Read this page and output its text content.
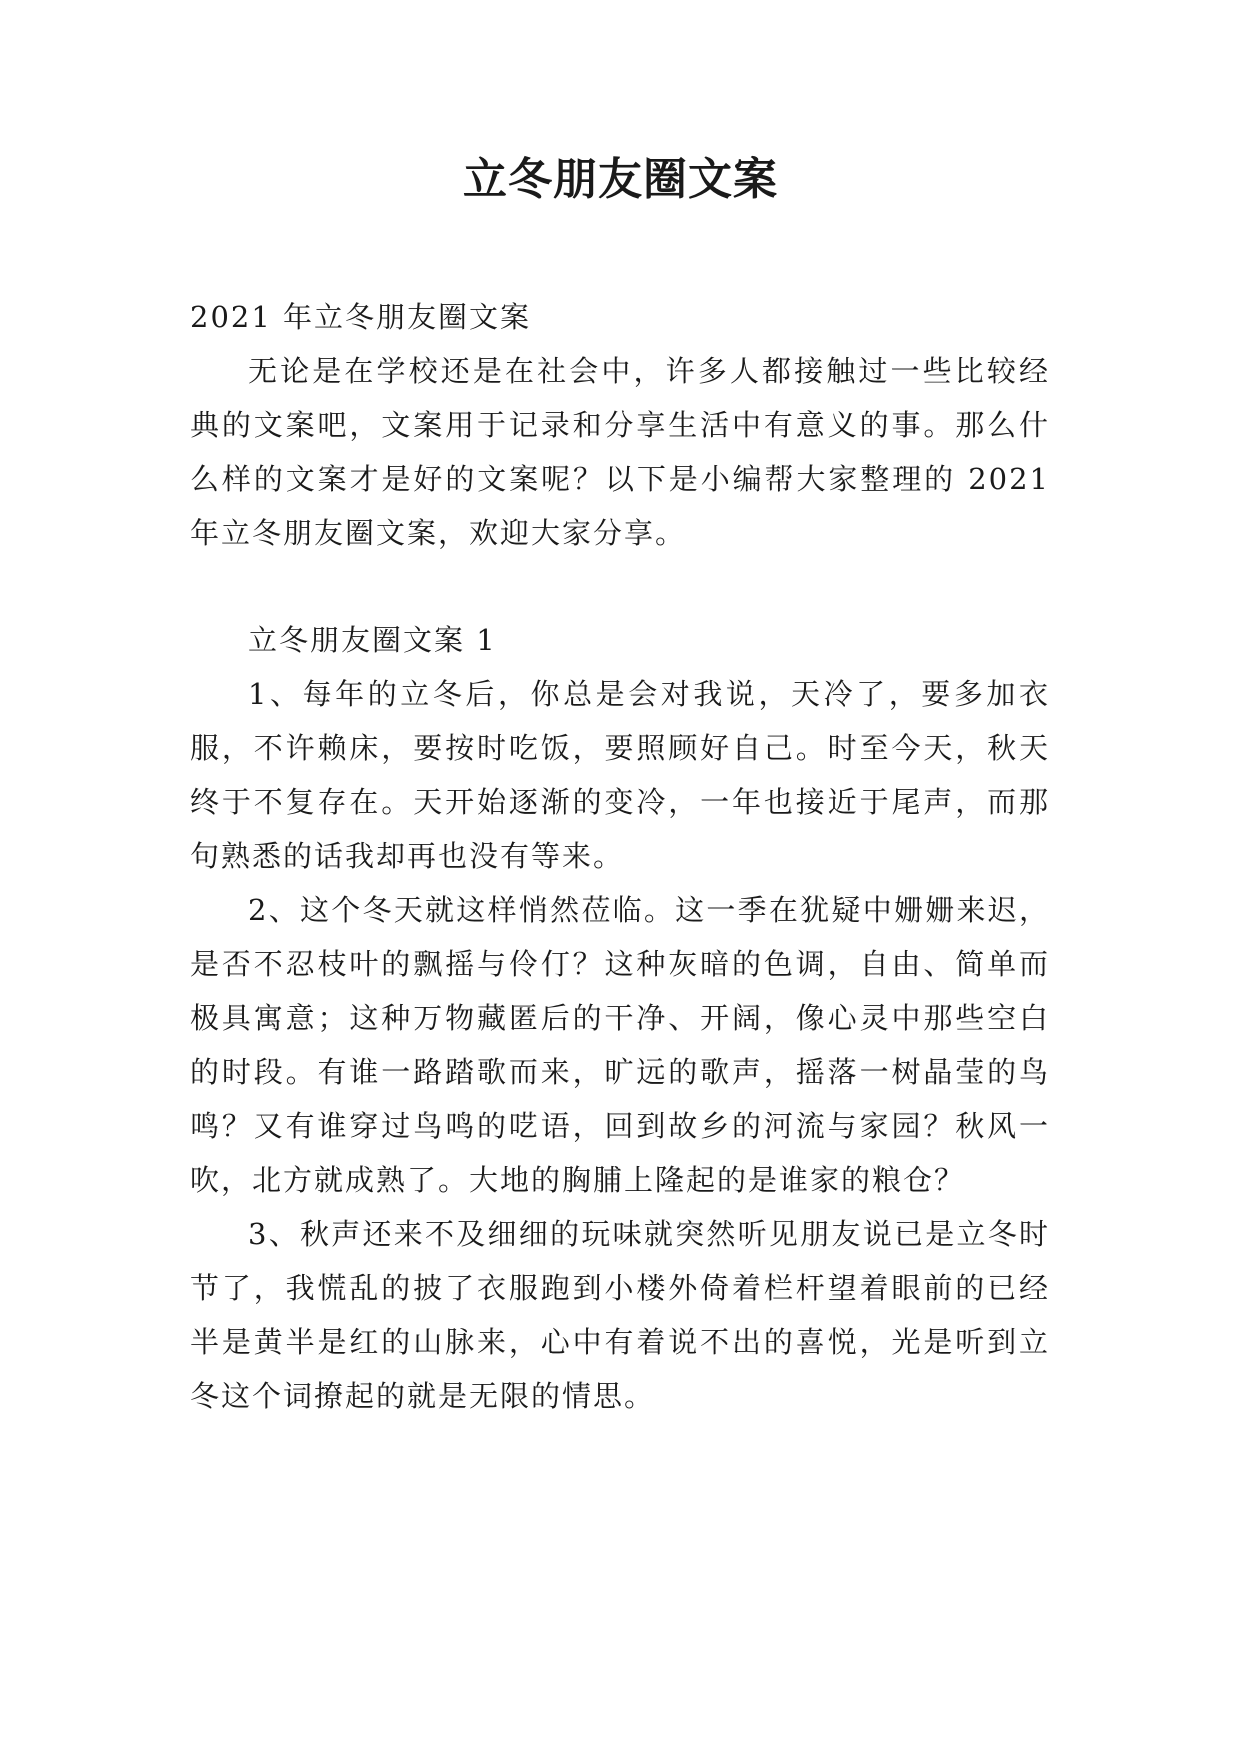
立冬朋友圈文案

2021 年立冬朋友圈文案

无论是在学校还是在社会中，许多人都接触过一些比较经典的文案吧，文案用于记录和分享生活中有意义的事。那么什么样的文案才是好的文案呢？以下是小编帮大家整理的 2021 年立冬朋友圈文案，欢迎大家分享。

立冬朋友圈文案 1

1、每年的立冬后，你总是会对我说，天冷了，要多加衣服，不许赖床，要按时吃饭，要照顾好自己。时至今天，秋天终于不复存在。天开始逐渐的变冷，一年也接近于尾声，而那句熟悉的话我却再也没有等来。

2、这个冬天就这样悄然莅临。这一季在犹疑中姗姗来迟，是否不忍枝叶的飘摇与伶仃？这种灰暗的色调，自由、简单而极具寓意；这种万物藏匿后的干净、开阔，像心灵中那些空白的时段。有谁一路踏歌而来，旷远的歌声，摇落一树晶莹的鸟鸣？又有谁穿过鸟鸣的呓语，回到故乡的河流与家园？秋风一吹，北方就成熟了。大地的胸脯上隆起的是谁家的粮仓？

3、秋声还来不及细细的玩味就突然听见朋友说已是立冬时节了，我慌乱的披了衣服跑到小楼外倚着栏杆望着眼前的已经半是黄半是红的山脉来，心中有着说不出的喜悦，光是听到立冬这个词撩起的就是无限的情思。
